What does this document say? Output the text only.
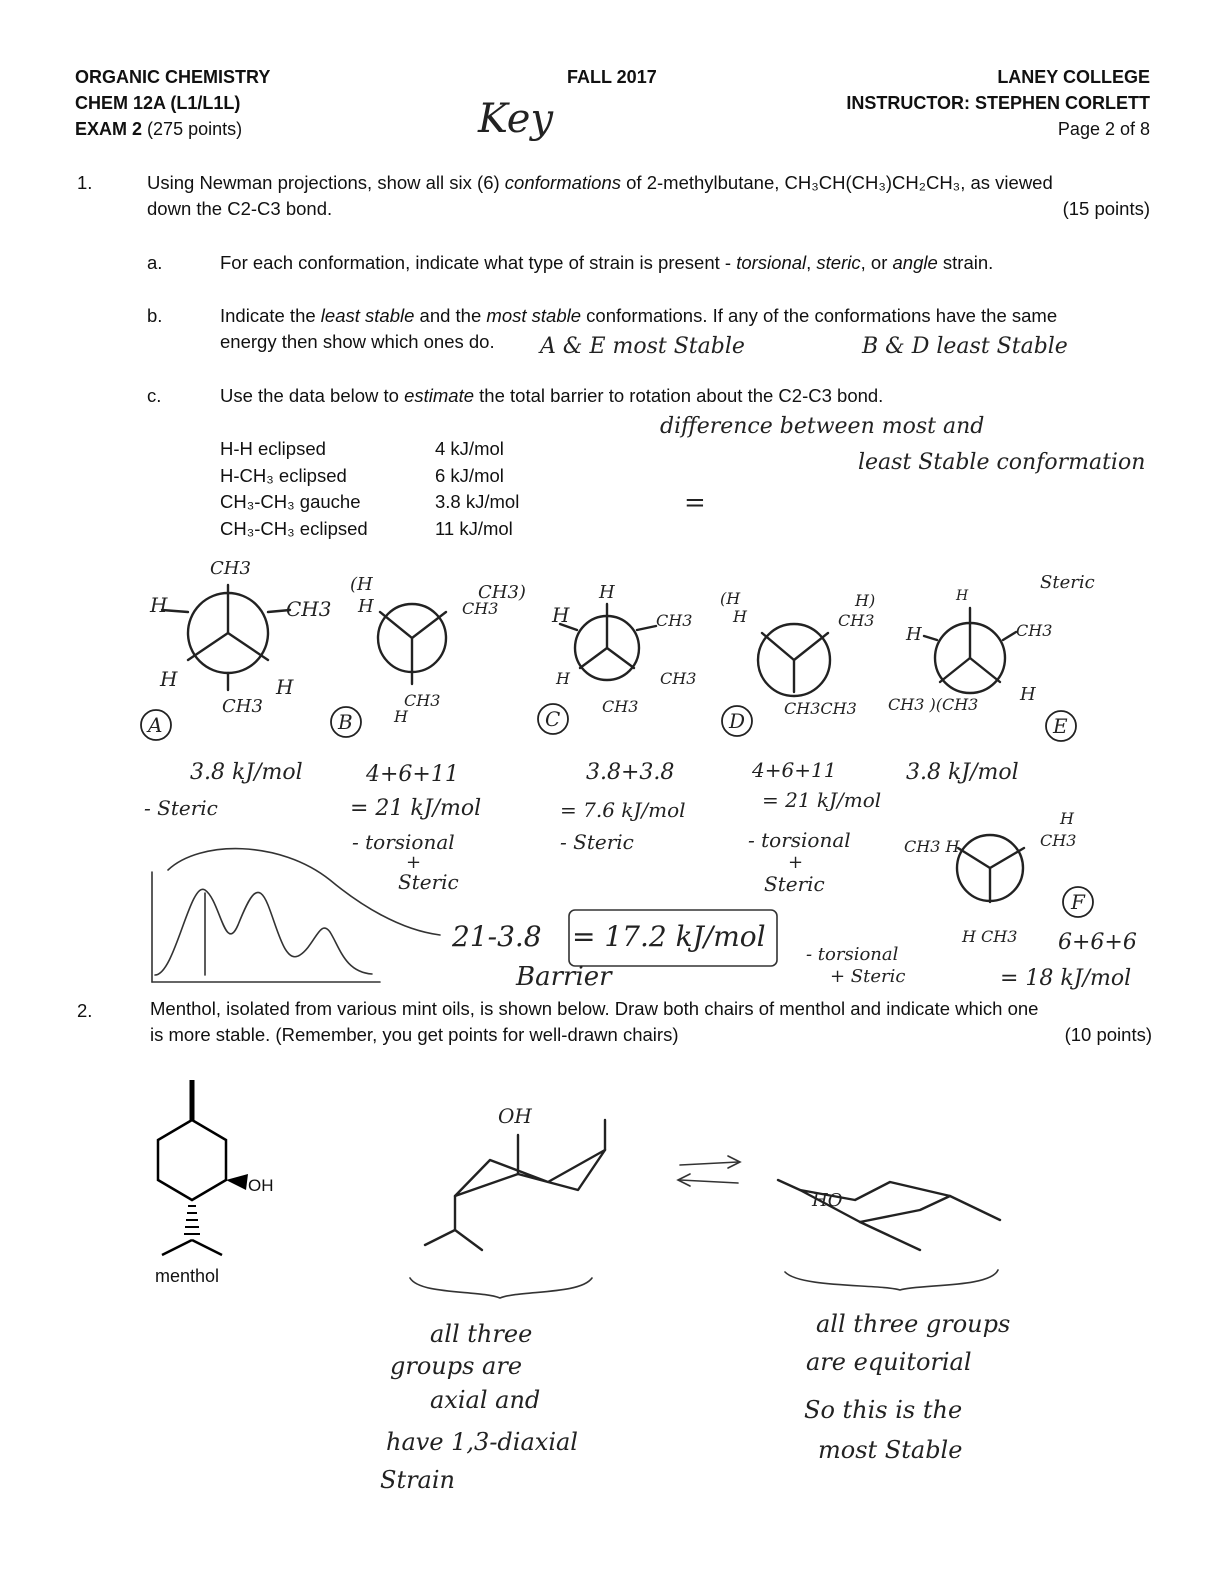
ORGANIC CHEMISTRY
CHEM 12A (L1/L1L)
EXAM 2 (275 points)
FALL 2017	LANEY COLLEGE
INSTRUCTOR: STEPHEN CORLETT
Page 2 of 8
Key
1.	Using Newman projections, show all six (6) conformations of 2-methylbutane, CH₃CH(CH₃)CH₂CH₃, as viewed
down the C2-C3 bond.	(15 points)
a.	For each conformation, indicate what type of strain is present - torsional, steric, or angle strain.
b.	Indicate the least stable and the most stable conformations. If any of the conformations have the same
energy then show which ones do. A & E most Stable	B & D least Stable
c.	Use the data below to estimate the total barrier to rotation about the C2-C3 bond.
H-H eclipsed	4 kJ/mol
H-CH₃ eclipsed	6 kJ/mol
CH₃-CH₃ gauche	3.8 kJ/mol
CH₃-CH₃ eclipsed	11 kJ/mol
difference between most and
least Stable conformation
=
H	CH3
CH3
H
CH3
H
A
(H
H
CH3)
CH3
CH3
H
B
H
H	CH3
H	CH3
CH3
C
(H
H
H)
CH3
CH3CH3
D
H
H	CH3
H
CH3 )(CH3
E
CH3 H
H
CH3
H CH3
F
3.8 kJ/mol
- Steric
4+6+11
= 21 kJ/mol
- torsional
+
Steric
3.8+3.8
= 7.6 kJ/mol
- Steric
4+6+11
= 21 kJ/mol
- torsional
+
Steric
3.8 kJ/mol
Steric
6+6+6
= 18 kJ/mol
- torsional
+ Steric
21-3.8 = 17.2 kJ/mol
Barrier
2.	Menthol, isolated from various mint oils, is shown below. Draw both chairs of menthol and indicate which one
is more stable. (Remember, you get points for well-drawn chairs)	(10 points)
OH
menthol
OH
HO
all three
groups are
axial and
have 1,3-diaxial
Strain
all three groups
are equitorial
So this is the
most Stable
